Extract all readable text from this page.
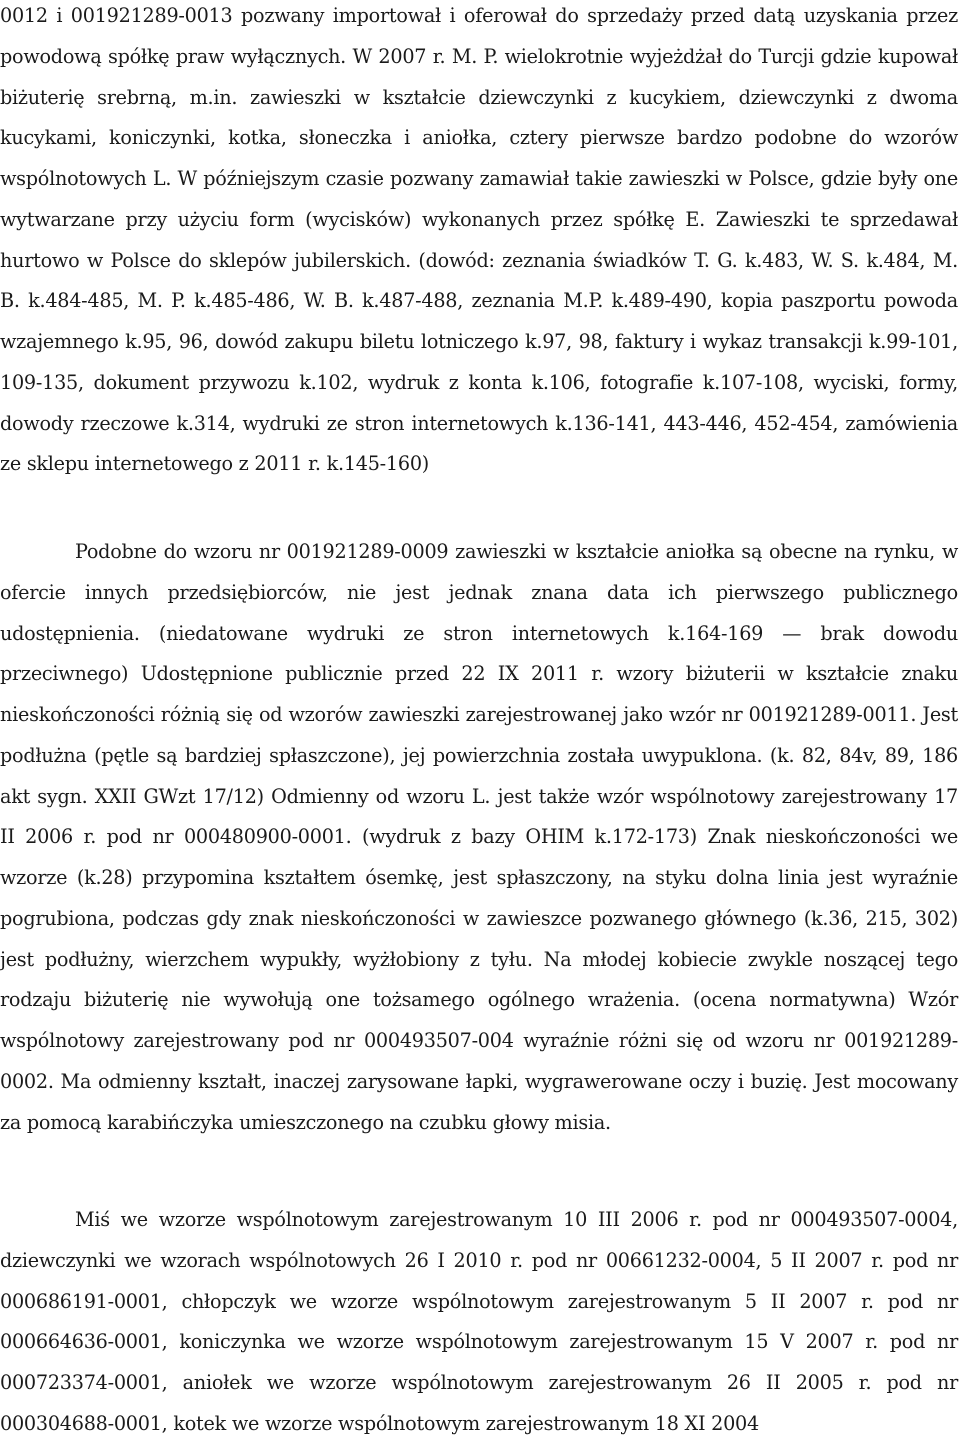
0012 i 001921289-0013 pozwany importował i oferował do sprzedaży przed datą uzyskania przez powodową spółkę praw wyłącznych. W 2007 r. M. P. wielokrotnie wyjeżdżał do Turcji gdzie kupował biżuterię srebrną, m.in. zawieszki w kształcie dziewczynki z kucykiem, dziewczynki z dwoma kucykami, koniczynki, kotka, słoneczka i aniołka, cztery pierwsze bardzo podobne do wzorów wspólnotowych L. W późniejszym czasie pozwany zamawiał takie zawieszki w Polsce, gdzie były one wytwarzane przy użyciu form (wycisków) wykonanych przez spółkę E. Zawieszki te sprzedawał hurtowo w Polsce do sklepów jubilerskich. (dowód: zeznania świadków T. G. k.483, W. S. k.484, M. B. k.484-485, M. P. k.485-486, W. B. k.487-488, zeznania M.P. k.489-490, kopia paszportu powoda wzajemnego k.95, 96, dowód zakupu biletu lotniczego k.97, 98, faktury i wykaz transakcji k.99-101, 109-135, dokument przywozu k.102, wydruk z konta k.106, fotografie k.107-108, wyciski, formy, dowody rzeczowe k.314, wydruki ze stron internetowych k.136-141, 443-446, 452-454, zamówienia ze sklepu internetowego z 2011 r. k.145-160)

Podobne do wzoru nr 001921289-0009 zawieszki w kształcie aniołka są obecne na rynku, w ofercie innych przedsiębiorców, nie jest jednak znana data ich pierwszego publicznego udostępnienia. (niedatowane wydruki ze stron internetowych k.164-169 — brak dowodu przeciwnego) Udostępnione publicznie przed 22 IX 2011 r. wzory biżuterii w kształcie znaku nieskończoności różnią się od wzorów zawieszki zarejestrowanej jako wzór nr 001921289-0011. Jest podłużna (pętle są bardziej spłaszczone), jej powierzchnia została uwypuklona. (k. 82, 84v, 89, 186 akt sygn. XXII GWzt 17/12) Odmienny od wzoru L. jest także wzór wspólnotowy zarejestrowany 17 II 2006 r. pod nr 000480900-0001. (wydruk z bazy OHIM k.172-173) Znak nieskończoności we wzorze (k.28) przypomina kształtem ósemkę, jest spłaszczony, na styku dolna linia jest wyraźnie pogrubiona, podczas gdy znak nieskończoności w zawieszce pozwanego głównego (k.36, 215, 302) jest podłużny, wierzchem wypukły, wyżłobiony z tyłu. Na młodej kobiecie zwykle noszącej tego rodzaju biżuterię nie wywołują one tożsamego ogólnego wrażenia. (ocena normatywna) Wzór wspólnotowy zarejestrowany pod nr 000493507-004 wyraźnie różni się od wzoru nr 001921289-0002. Ma odmienny kształt, inaczej zarysowane łapki, wygrawerowane oczy i buzię. Jest mocowany za pomocą karabińczyka umieszczonego na czubku głowy misia.

Miś we wzorze wspólnotowym zarejestrowanym 10 III 2006 r. pod nr 000493507-0004, dziewczynki we wzorach wspólnotowych 26 I 2010 r. pod nr 00661232-0004, 5 II 2007 r. pod nr 000686191-0001, chłopczyk we wzorze wspólnotowym zarejestrowanym 5 II 2007 r. pod nr 000664636-0001, koniczynka we wzorze wspólnotowym zarejestrowanym 15 V 2007 r. pod nr 000723374-0001, aniołek we wzorze wspólnotowym zarejestrowanym 26 II 2005 r. pod nr 000304688-0001, kotek we wzorze wspólnotowym zarejestrowanym 18 XI 2004
